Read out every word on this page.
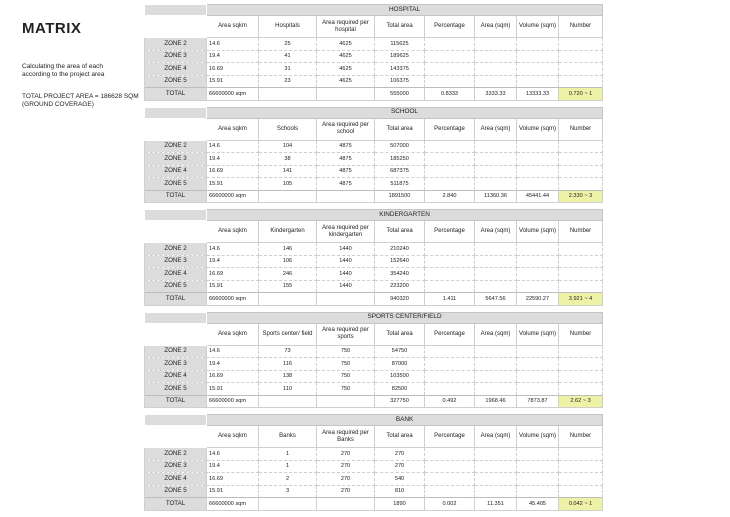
MATRIX
Calculating the area of each
according to the project area
TOTAL PROJECT AREA = 186628 SQM
(GROUND COVERAGE)
	HOSPITAL							
	Area sqkm	Hospitals	Area required per hospital	Total area	Percentage	Area (sqm)	Volume (sqm)	Number
ZONE 2	14.6	25	4625	115625				
ZONE 3	19.4	41	4625	189625				
ZONE 4	16.69	31	4625	143375				
ZONE 5	15.91	23	4625	106375				
TOTAL	66600000 sqm			555000	0.8333	3333.33	13333.33	0.720 ~ 1
	SCHOOL							
	Area sqkm	Schools	Area required per school	Total area	Percentage	Area (sqm)	Volume (sqm)	Number
ZONE 2	14.6	104	4875	507000				
ZONE 3	19.4	38	4875	185250				
ZONE 4	16.69	141	4875	687375				
ZONE 5	15.91	105	4875	511875				
TOTAL	66600000 sqm			1891500	2.840	11360.36	45441.44	2.330 ~ 3
	KINDERGARTEN							
	Area sqkm	Kindergarten	Area required per kindergarten	Total area	Percentage	Area (sqm)	Volume (sqm)	Number
ZONE 2	14.6	146	1440	210240				
ZONE 3	19.4	106	1440	152640				
ZONE 4	16.69	246	1440	354240				
ZONE 5	15.91	155	1440	223200				
TOTAL	66600000 sqm			940320	1.411	5647.56	22590.27	3.921 ~ 4
	SPORTS CENTER/FIELD							
	Area sqkm	Sports center/ field	Area required per sports	Total area	Percentage	Area (sqm)	Volume (sqm)	Number
ZONE 2	14.6	73	750	54750				
ZONE 3	19.4	116	750	87000				
ZONE 4	16.69	138	750	103500				
ZONE 5	15.91	110	750	82500				
TOTAL	66600000 sqm			327750	0.492	1968.46	7873.87	2.62 ~ 3
	BANK							
	Area sqkm	Banks	Area required per Banks	Total area	Percentage	Area (sqm)	Volume (sqm)	Number
ZONE 2	14.6	1	270	270				
ZONE 3	19.4	1	270	270				
ZONE 4	16.69	2	270	540				
ZONE 5	15.91	3	270	810				
TOTAL	66600000 sqm			1890	0.002	11.351	45.405	0.042 ~ 1
